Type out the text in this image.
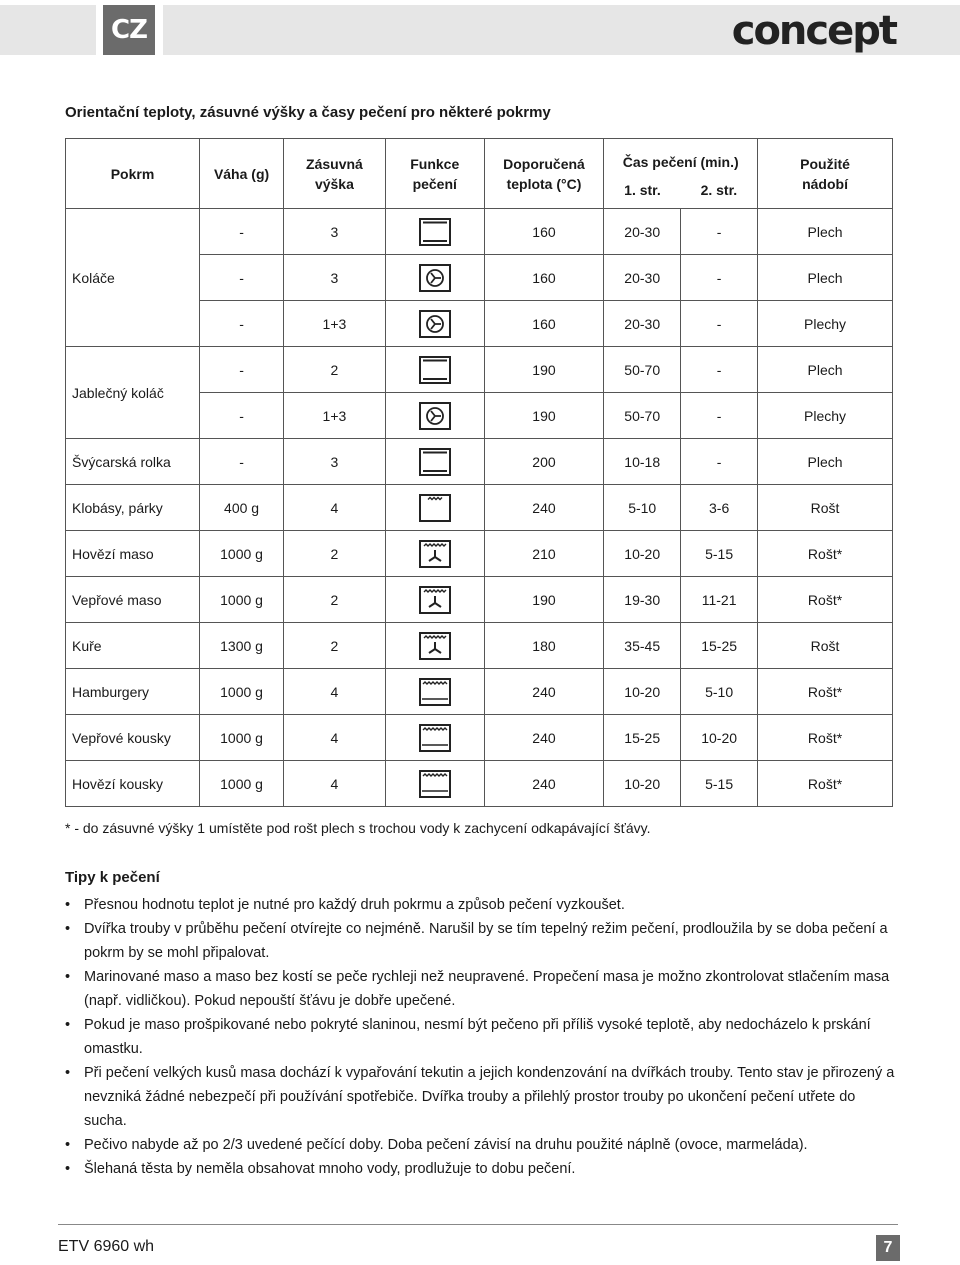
CZ	concept
Orientační teploty, zásuvné výšky a časy pečení pro některé pokrmy
Pokrm	Váha (g)	Zásuvná výška	Funkce pečení	Doporučená teplota (°C)	Čas pečení (min.)		Použité nádobí
					1. str.	2. str.	
Koláče	-	3		160	20-30	-	Plech
	-	3		160	20-30	-	Plech
	-	1+3		160	20-30	-	Plechy
Jablečný koláč	-	2		190	50-70	-	Plech
	-	1+3		190	50-70	-	Plechy
Švýcarská rolka	-	3		200	10-18	-	Plech
Klobásy, párky	400 g	4		240	5-10	3-6	Rošt
Hovězí maso	1000 g	2		210	10-20	5-15	Rošt*
Vepřové maso	1000 g	2		190	19-30	11-21	Rošt*
Kuře	1300 g	2		180	35-45	15-25	Rošt
Hamburgery	1000 g	4		240	10-20	5-10	Rošt*
Vepřové kousky	1000 g	4		240	15-25	10-20	Rošt*
Hovězí kousky	1000 g	4		240	10-20	5-15	Rošt*
* - do zásuvné výšky 1 umístěte pod rošt plech s trochou vody k zachycení odkapávající šťávy.
Tipy k pečení
• Přesnou hodnotu teplot je nutné pro každý druh pokrmu a způsob pečení vyzkoušet.
• Dvířka trouby v průběhu pečení otvírejte co nejméně. Narušil by se tím tepelný režim pečení, prodloužila by se doba pečení a pokrm by se mohl připalovat.
• Marinované maso a maso bez kostí se peče rychleji než neupravené. Propečení masa je možno zkontrolovat stlačením masa (např. vidličkou). Pokud nepouští šťávu je dobře upečené.
• Pokud je maso prošpikované nebo pokryté slaninou, nesmí být pečeno při příliš vysoké teplotě, aby nedocházelo k prskání omastku.
• Při pečení velkých kusů masa dochází k vypařování tekutin a jejich kondenzování na dvířkách trouby. Tento stav je přirozený a nevzniká žádné nebezpečí při používání spotřebiče. Dvířka trouby a přilehlý prostor trouby po ukončení pečení utřete do sucha.
• Pečivo nabyde až po 2/3 uvedené pečící doby. Doba pečení závisí na druhu použité náplně (ovoce, marmeláda).
• Šlehaná těsta by neměla obsahovat mnoho vody, prodlužuje to dobu pečení.
ETV 6960 wh	7
